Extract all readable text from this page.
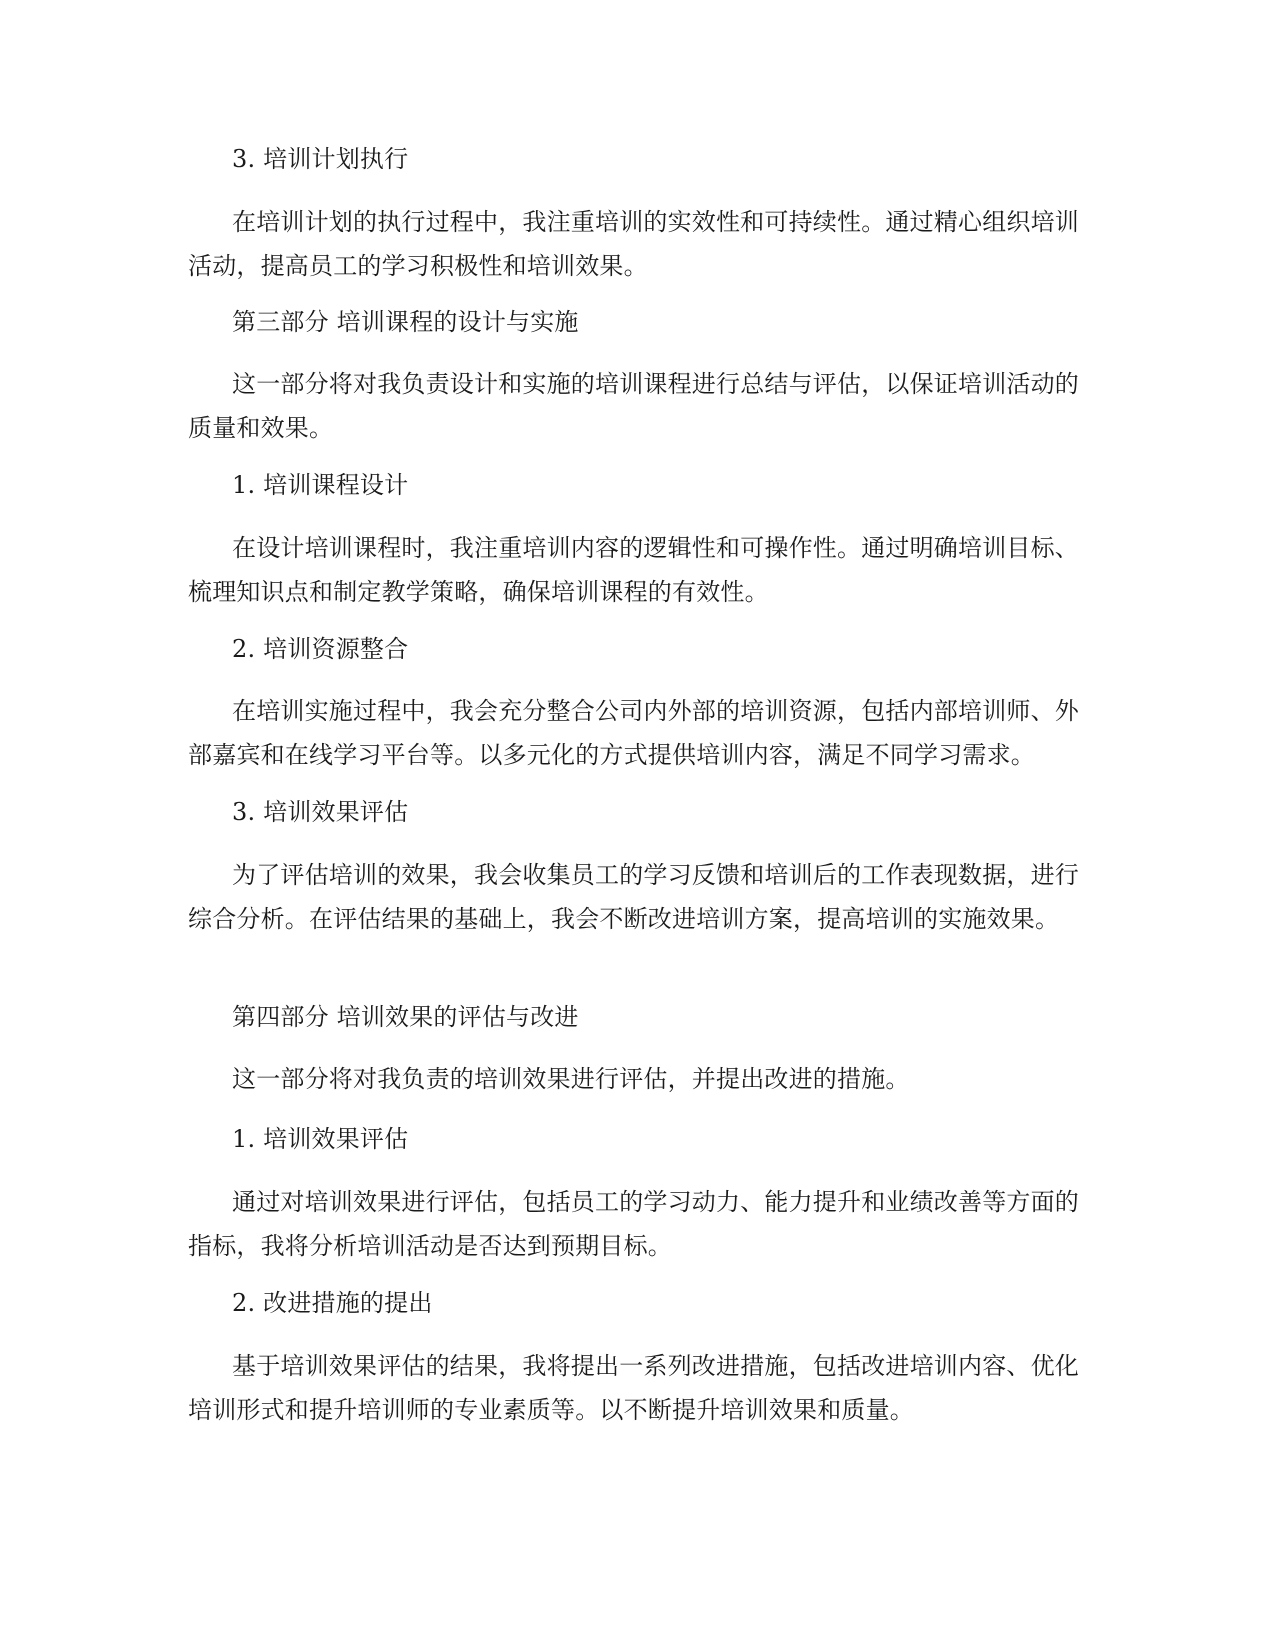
3. 培训计划执行

在培训计划的执行过程中，我注重培训的实效性和可持续性。通过精心组织培训活动，提高员工的学习积极性和培训效果。

第三部分 培训课程的设计与实施

这一部分将对我负责设计和实施的培训课程进行总结与评估，以保证培训活动的质量和效果。

1. 培训课程设计

在设计培训课程时，我注重培训内容的逻辑性和可操作性。通过明确培训目标、梳理知识点和制定教学策略，确保培训课程的有效性。

2. 培训资源整合

在培训实施过程中，我会充分整合公司内外部的培训资源，包括内部培训师、外部嘉宾和在线学习平台等。以多元化的方式提供培训内容，满足不同学习需求。

3. 培训效果评估

为了评估培训的效果，我会收集员工的学习反馈和培训后的工作表现数据，进行综合分析。在评估结果的基础上，我会不断改进培训方案，提高培训的实施效果。

第四部分 培训效果的评估与改进

这一部分将对我负责的培训效果进行评估，并提出改进的措施。

1. 培训效果评估

通过对培训效果进行评估，包括员工的学习动力、能力提升和业绩改善等方面的指标，我将分析培训活动是否达到预期目标。

2. 改进措施的提出

基于培训效果评估的结果，我将提出一系列改进措施，包括改进培训内容、优化培训形式和提升培训师的专业素质等。以不断提升培训效果和质量。
